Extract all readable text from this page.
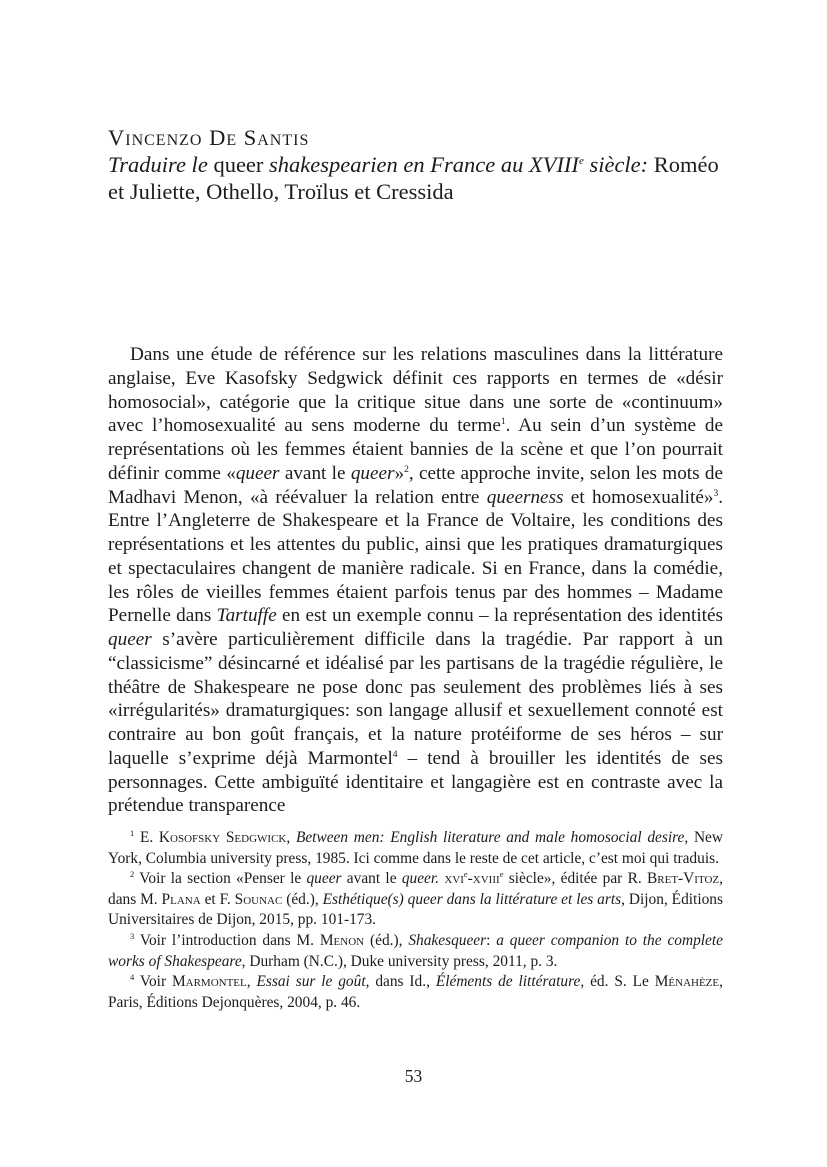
Vincenzo De Santis

Traduire le queer shakespearien en France au XVIIIe siècle: Roméo et Juliette, Othello, Troïlus et Cressida

Dans une étude de référence sur les relations masculines dans la littérature anglaise, Eve Kasofsky Sedgwick définit ces rapports en termes de «désir homosocial», catégorie que la critique situe dans une sorte de «continuum» avec l’homosexualité au sens moderne du terme$^1$. Au sein d’un système de représentations où les femmes étaient bannies de la scène et que l’on pourrait définir comme «queer avant le queer»$^2$, cette approche invite, selon les mots de Madhavi Menon, «à réévaluer la relation entre queerness et homosexualité»$^3$. Entre l’Angleterre de Shakespeare et la France de Voltaire, les conditions des représentations et les attentes du public, ainsi que les pratiques dramaturgiques et spectaculaires changent de manière radicale. Si en France, dans la comédie, les rôles de vieilles femmes étaient parfois tenus par des hommes – Madame Pernelle dans Tartuffe en est un exemple connu – la représentation des identités queer s’avère particulièrement difficile dans la tragédie. Par rapport à un “classicisme” désincarné et idéalisé par les partisans de la tragédie régulière, le théâtre de Shakespeare ne pose donc pas seulement des problèmes liés à ses «irrégularités» dramaturgiques: son langage allusif et sexuellement connoté est contraire au bon goût français, et la nature protéiforme de ses héros – sur laquelle s’exprime déjà Marmontel$^4$ – tend à brouiller les identités de ses personnages. Cette ambiguïté identitaire et langagière est en contraste avec la prétendue transparence

$^1$ E. Kosofsky Sedgwick, Between men: English literature and male homosocial desire, New York, Columbia university press, 1985. Ici comme dans le reste de cet article, c’est moi qui traduis.

$^2$ Voir la section «Penser le queer avant le queer. xvi$^e$-xviii$^e$ siècle», éditée par R. Bret-Vitoz, dans M. Plana et F. Sounac (éd.), Esthétique(s) queer dans la littérature et les arts, Dijon, Éditions Universitaires de Dijon, 2015, pp. 101-173.

$^3$ Voir l’introduction dans M. Menon (éd.), Shakesqueer: a queer companion to the complete works of Shakespeare, Durham (N.C.), Duke university press, 2011, p. 3.

$^4$ Voir Marmontel, Essai sur le goût, dans Id., Éléments de littérature, éd. S. Le Ménahèze, Paris, Éditions Dejonquères, 2004, p. 46.

53
